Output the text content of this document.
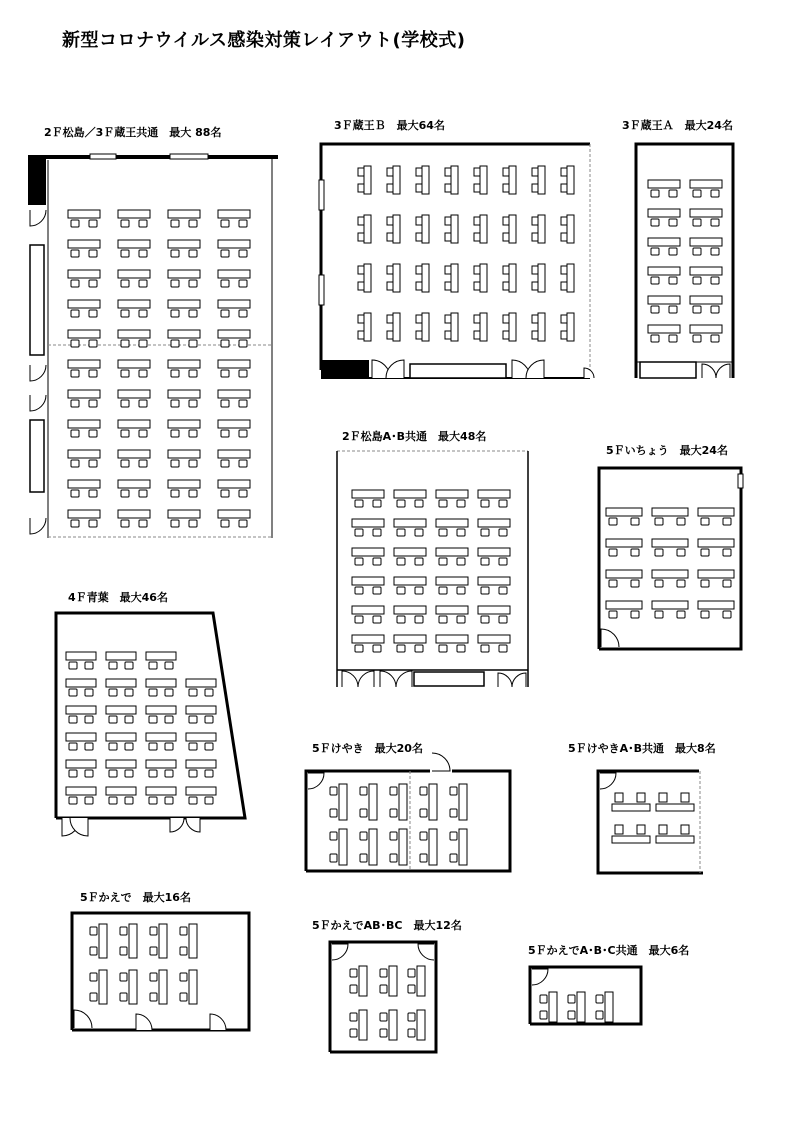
新型コロナウイルス感染対策レイアウト(学校式)
2Ｆ松島／3Ｆ蔵王共通　最大 88名
3Ｆ蔵王Ｂ　最大64名	3Ｆ蔵王Ａ　最大24名
2Ｆ松島A･B共通　最大48名
5Ｆいちょう　最大24名
4Ｆ青葉　最大46名
5Ｆけやき　最大20名	5ＦけやきA･B共通　最大8名
5Ｆかえで　最大16名
5ＦかえでAB･BC　最大12名
5ＦかえでA･B･C共通　最大6名
